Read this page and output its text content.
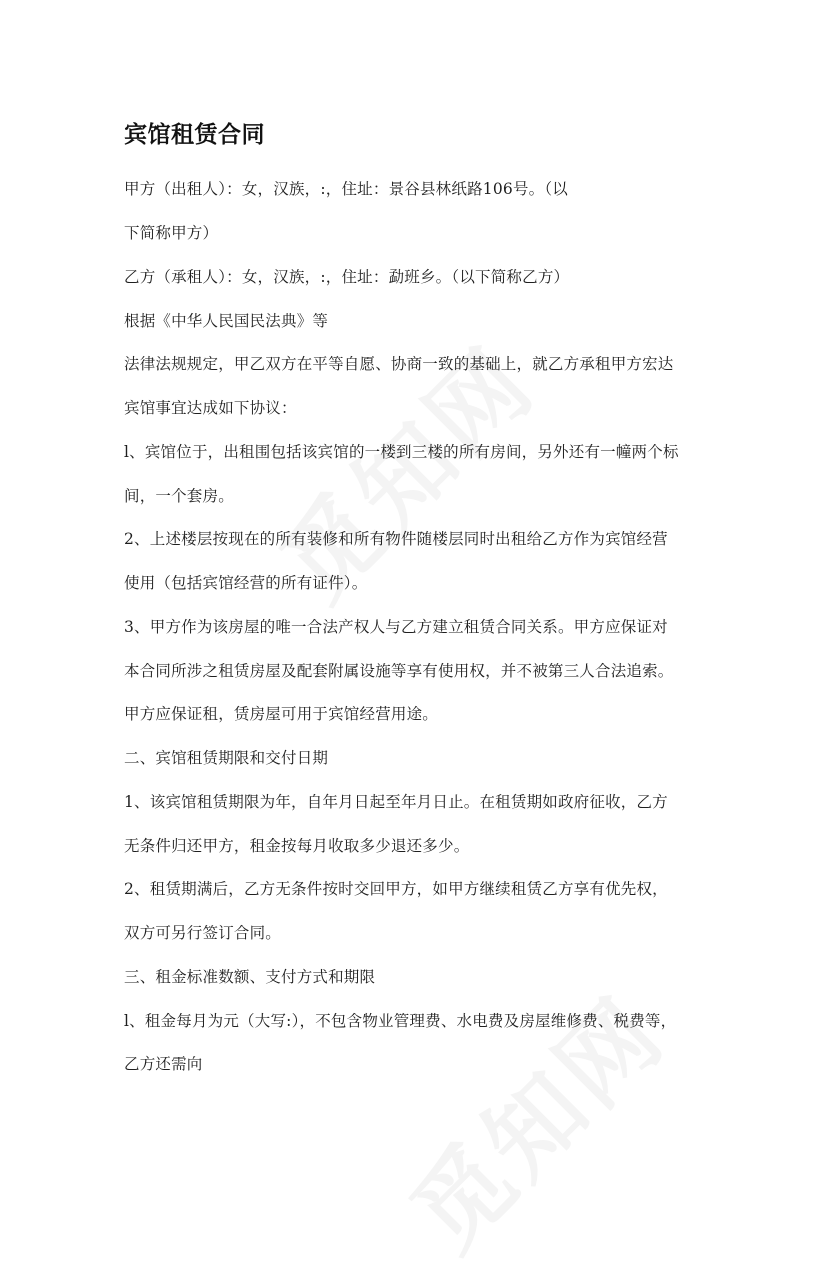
宾馆租赁合同
甲方（出租人）：女，汉族，:，住址：景谷县林纸路106号。（以
下简称甲方）
乙方（承租人）：女，汉族，:，住址：勐班乡。（以下简称乙方）
根据《中华人民国民法典》等
法律法规规定，甲乙双方在平等自愿、协商一致的基础上，就乙方承租甲方宏达
宾馆事宜达成如下协议：
l、宾馆位于，出租围包括该宾馆的一楼到三楼的所有房间，另外还有一幢两个标
间，一个套房。
2、上述楼层按现在的所有装修和所有物件随楼层同时出租给乙方作为宾馆经营
使用（包括宾馆经营的所有证件）。
3、甲方作为该房屋的唯一合法产权人与乙方建立租赁合同关系。甲方应保证对
本合同所涉之租赁房屋及配套附属设施等享有使用权，并不被第三人合法追索。
甲方应保证租，赁房屋可用于宾馆经营用途。
二、宾馆租赁期限和交付日期
1、该宾馆租赁期限为年，自年月日起至年月日止。在租赁期如政府征收，乙方
无条件归还甲方，租金按每月收取多少退还多少。
2、租赁期满后，乙方无条件按时交回甲方，如甲方继续租赁乙方享有优先权，
双方可另行签订合同。
三、租金标准数额、支付方式和期限
l、租金每月为元（大写:），不包含物业管理费、水电费及房屋维修费、税费等，
乙方还需向
